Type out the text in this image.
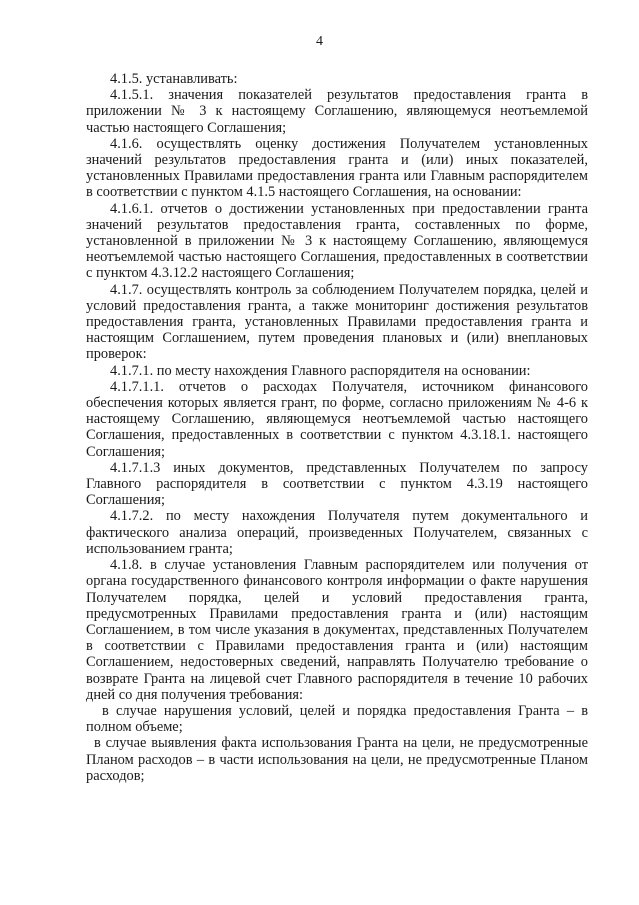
4

4.1.5. устанавливать:

4.1.5.1. значения показателей результатов предоставления гранта в приложении № 3 к настоящему Соглашению, являющемуся неотъемлемой частью настоящего Соглашения;

4.1.6. осуществлять оценку достижения Получателем установленных значений результатов предоставления гранта и (или) иных показателей, установленных Правилами предоставления гранта или Главным распорядителем в соответствии с пунктом 4.1.5 настоящего Соглашения, на основании:

4.1.6.1. отчетов о достижении установленных при предоставлении гранта значений результатов предоставления гранта, составленных по форме, установленной в приложении № 3 к настоящему Соглашению, являющемуся неотъемлемой частью настоящего Соглашения, предоставленных в соответствии с пунктом 4.3.12.2 настоящего Соглашения;

4.1.7. осуществлять контроль за соблюдением Получателем порядка, целей и условий предоставления гранта, а также мониторинг достижения результатов предоставления гранта, установленных Правилами предоставления гранта и настоящим Соглашением, путем проведения плановых и (или) внеплановых проверок:

4.1.7.1. по месту нахождения Главного распорядителя на основании:

4.1.7.1.1. отчетов о расходах Получателя, источником финансового обеспечения которых является грант, по форме, согласно приложениям № 4-6 к настоящему Соглашению, являющемуся неотъемлемой частью настоящего Соглашения, предоставленных в соответствии с пунктом 4.3.18.1. настоящего Соглашения;

4.1.7.1.3 иных документов, представленных Получателем по запросу Главного распорядителя в соответствии с пунктом 4.3.19 настоящего Соглашения;

4.1.7.2. по месту нахождения Получателя путем документального и фактического анализа операций, произведенных Получателем, связанных с использованием гранта;

4.1.8. в случае установления Главным распорядителем или получения от органа государственного финансового контроля информации о факте нарушения Получателем порядка, целей и условий предоставления гранта, предусмотренных Правилами предоставления гранта и (или) настоящим Соглашением, в том числе указания в документах, представленных Получателем в соответствии с Правилами предоставления гранта и (или) настоящим Соглашением, недостоверных сведений, направлять Получателю требование о возврате Гранта на лицевой счет Главного распорядителя в течение 10 рабочих дней со дня получения требования:

в случае нарушения условий, целей и порядка предоставления Гранта – в полном объеме;

в случае выявления факта использования Гранта на цели, не предусмотренные Планом расходов – в части использования на цели, не предусмотренные Планом расходов;
